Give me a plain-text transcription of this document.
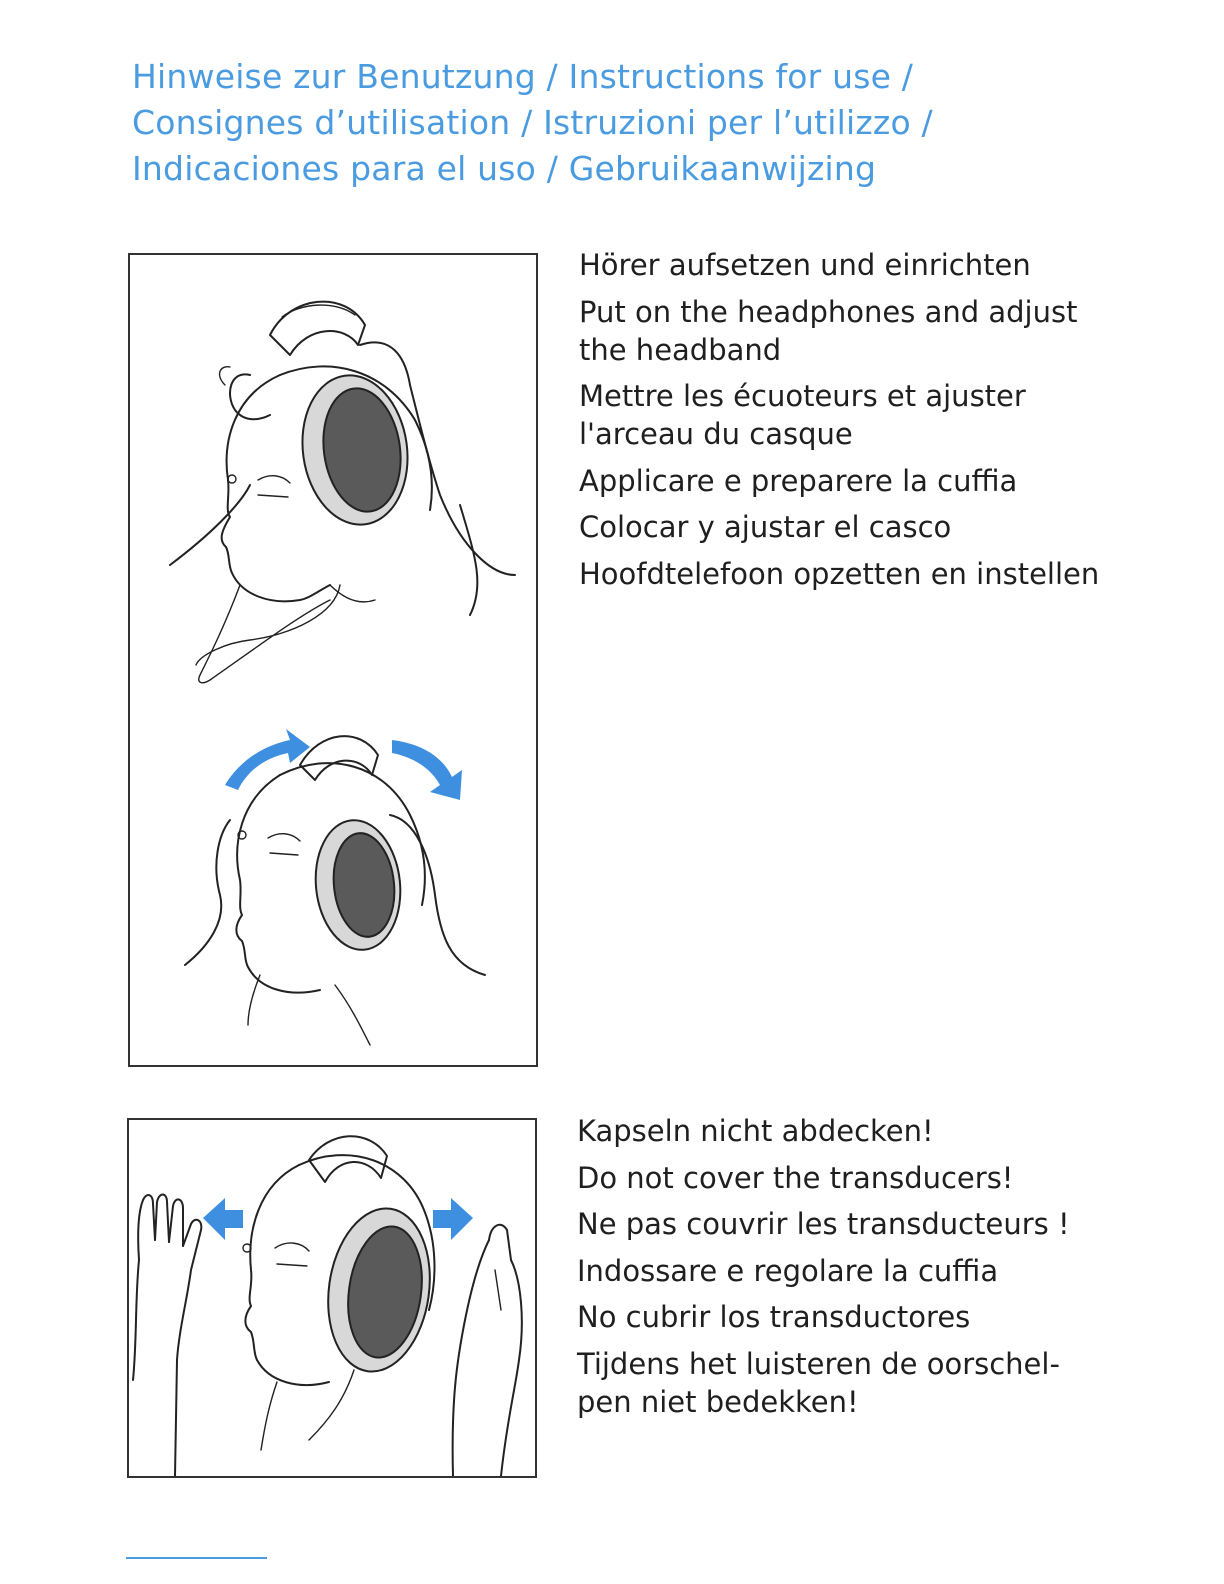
Hinweise zur Benutzung / Instructions for use /
Consignes d’utilisation / Istruzioni per l’utilizzo /
Indicaciones para el uso / Gebruikaanwijzing
Hörer aufsetzen und einrichten
Put on the headphones and adjust
the headband
Mettre les écuoteurs et ajuster
l'arceau du casque
Applicare e preparere la cuffia
Colocar y ajustar el casco
Hoofdtelefoon opzetten en instellen
Kapseln nicht abdecken!
Do not cover the transducers!
Ne pas couvrir les transducteurs !
Indossare e regolare la cuffia
No cubrir los transductores
Tijdens het luisteren de oorschel-
pen niet bedekken!
